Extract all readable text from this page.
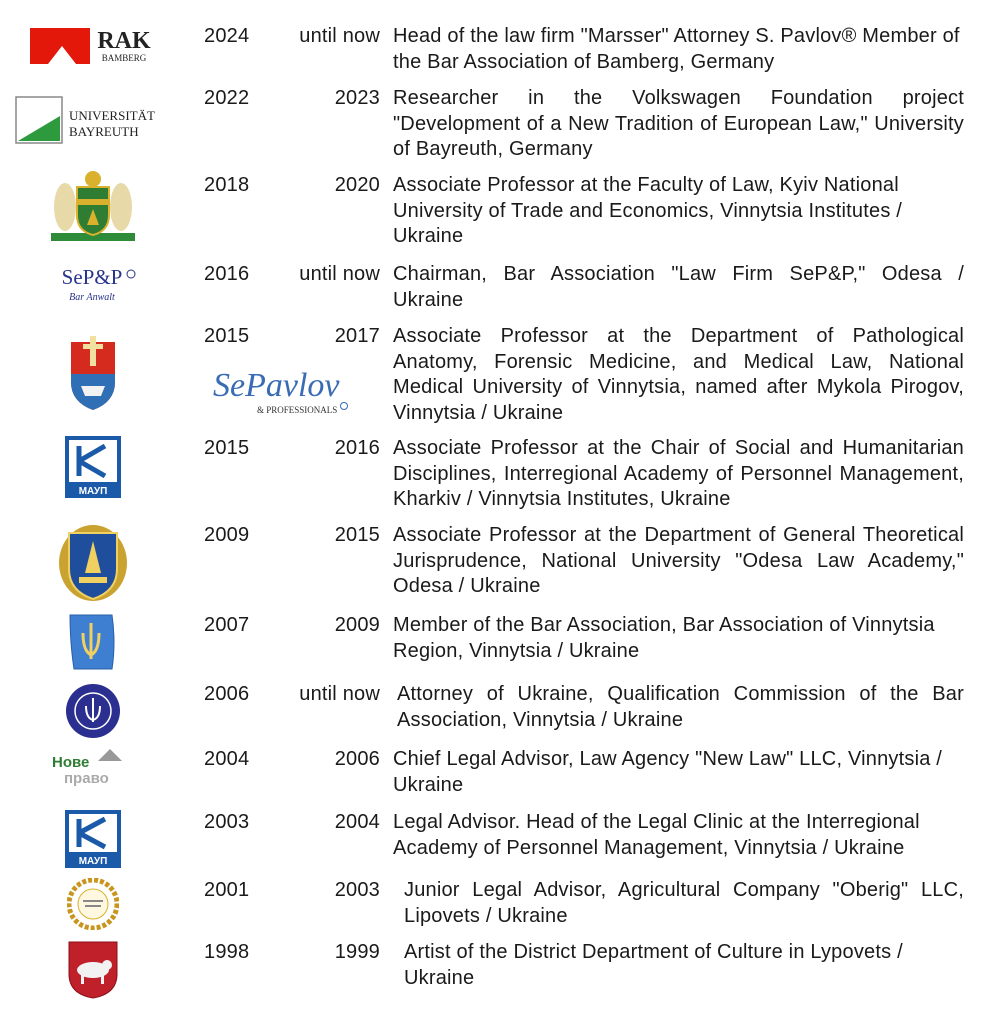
RAK
BAMBERG
2024	until now Head of the law firm "Marsser" Attorney S. Pavlov® Member of the Bar Association of Bamberg, Germany
UNIVERSITÄT
BAYREUTH
2022	2023 Researcher in the Volkswagen Foundation project "Development of a New Tradition of European Law," University of Bayreuth, Germany
2018	2020 Associate Professor at the Faculty of Law, Kyiv National University of Trade and Economics, Vinnytsia Institutes / Ukraine
SeP&P
Bar Anwalt
2016	until now Chairman, Bar Association "Law Firm SeP&P," Odesa / Ukraine
SePavlov
& PROFESSIONALS
2015	2017 Associate Professor at the Department of Pathological Anatomy, Forensic Medicine, and Medical Law, National Medical University of Vinnytsia, named after Mykola Pirogov, Vinnytsia / Ukraine
МАУП
2015	2016 Associate Professor at the Chair of Social and Humanitarian Disciplines, Interregional Academy of Personnel Management, Kharkiv / Vinnytsia Institutes, Ukraine
2009	2015 Associate Professor at the Department of General Theoretical Jurisprudence, National University "Odesa Law Academy," Odesa / Ukraine
2007	2009 Member of the Bar Association, Bar Association of Vinnytsia Region, Vinnytsia / Ukraine
2006	until now Attorney of Ukraine, Qualification Commission of the Bar Association, Vinnytsia / Ukraine
Нове
право
2004	2006 Chief Legal Advisor, Law Agency "New Law" LLC, Vinnytsia / Ukraine
МАУП
2003	2004 Legal Advisor. Head of the Legal Clinic at the Interregional Academy of Personnel Management, Vinnytsia / Ukraine
2001	2003 Junior Legal Advisor, Agricultural Company "Oberig" LLC, Lipovets / Ukraine
1998	1999 Artist of the District Department of Culture in Lypovets / Ukraine
